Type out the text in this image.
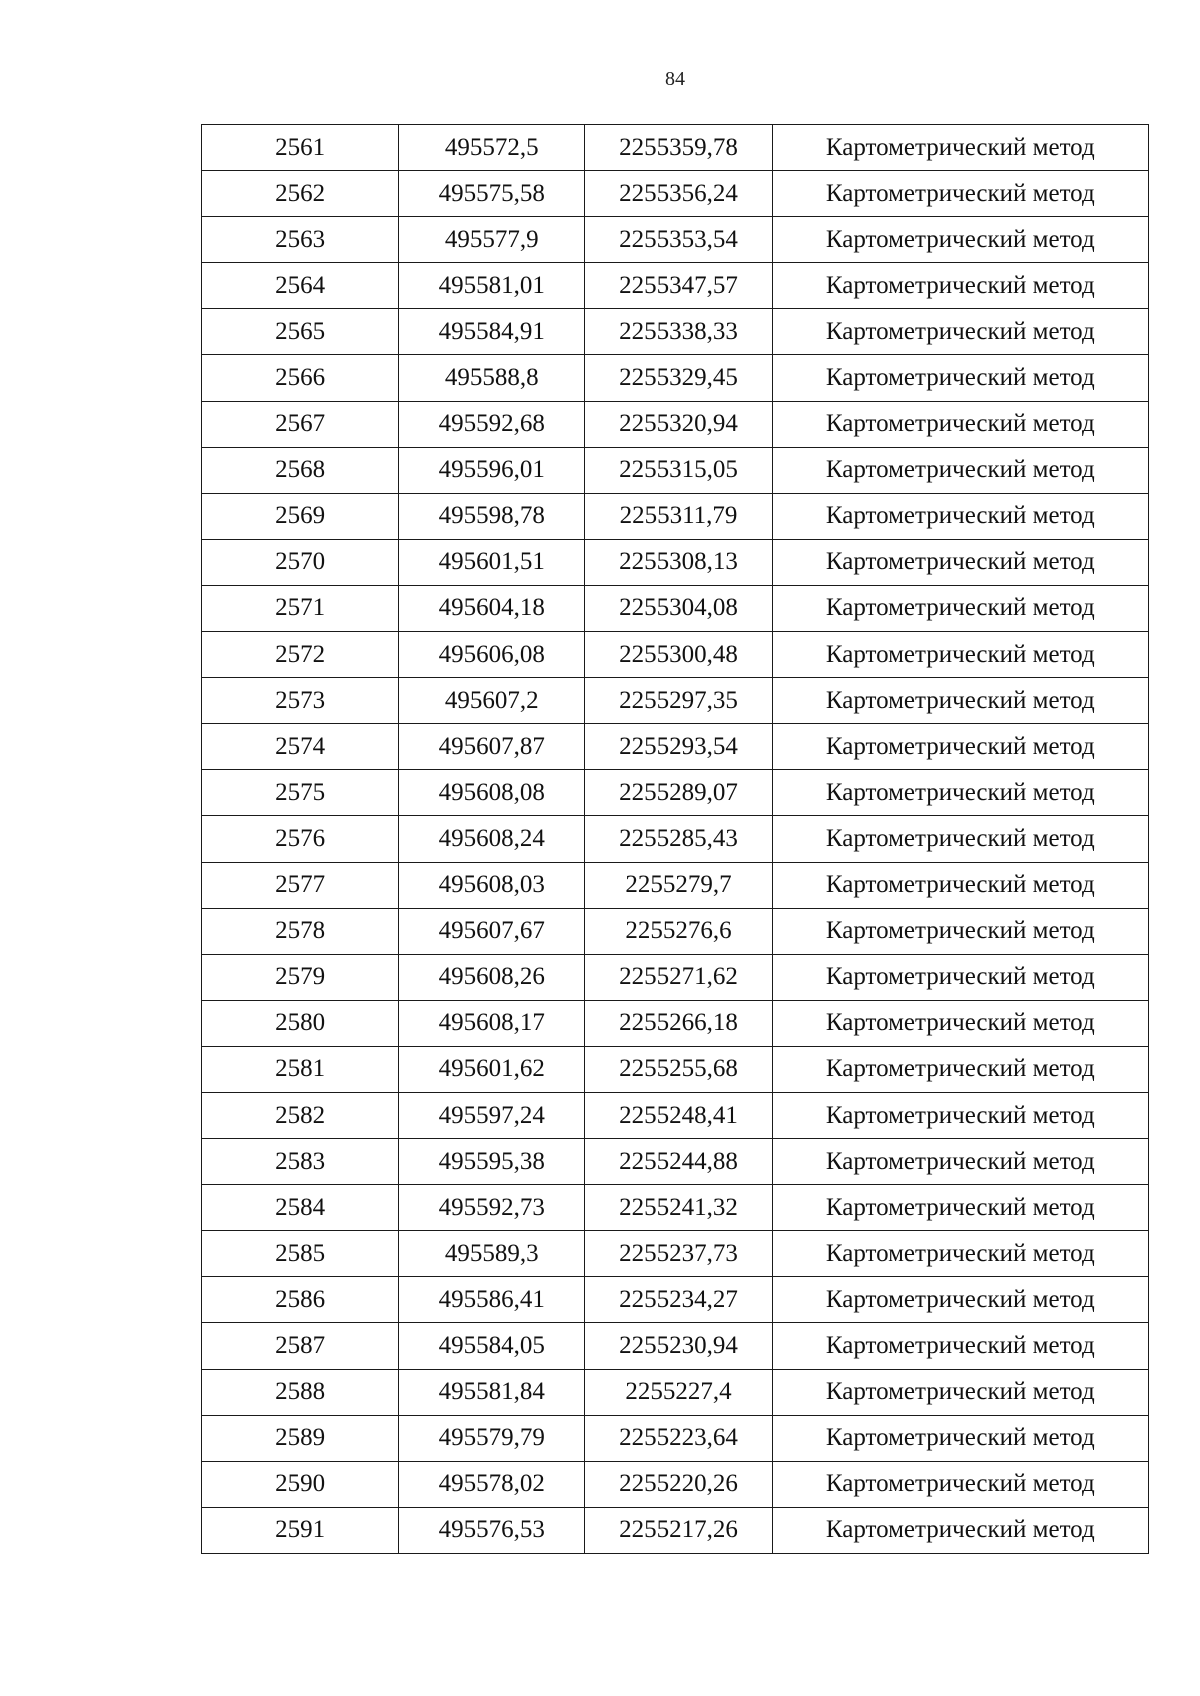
84
2561	495572,5	2255359,78	Картометрический метод
2562	495575,58	2255356,24	Картометрический метод
2563	495577,9	2255353,54	Картометрический метод
2564	495581,01	2255347,57	Картометрический метод
2565	495584,91	2255338,33	Картометрический метод
2566	495588,8	2255329,45	Картометрический метод
2567	495592,68	2255320,94	Картометрический метод
2568	495596,01	2255315,05	Картометрический метод
2569	495598,78	2255311,79	Картометрический метод
2570	495601,51	2255308,13	Картометрический метод
2571	495604,18	2255304,08	Картометрический метод
2572	495606,08	2255300,48	Картометрический метод
2573	495607,2	2255297,35	Картометрический метод
2574	495607,87	2255293,54	Картометрический метод
2575	495608,08	2255289,07	Картометрический метод
2576	495608,24	2255285,43	Картометрический метод
2577	495608,03	2255279,7	Картометрический метод
2578	495607,67	2255276,6	Картометрический метод
2579	495608,26	2255271,62	Картометрический метод
2580	495608,17	2255266,18	Картометрический метод
2581	495601,62	2255255,68	Картометрический метод
2582	495597,24	2255248,41	Картометрический метод
2583	495595,38	2255244,88	Картометрический метод
2584	495592,73	2255241,32	Картометрический метод
2585	495589,3	2255237,73	Картометрический метод
2586	495586,41	2255234,27	Картометрический метод
2587	495584,05	2255230,94	Картометрический метод
2588	495581,84	2255227,4	Картометрический метод
2589	495579,79	2255223,64	Картометрический метод
2590	495578,02	2255220,26	Картометрический метод
2591	495576,53	2255217,26	Картометрический метод
